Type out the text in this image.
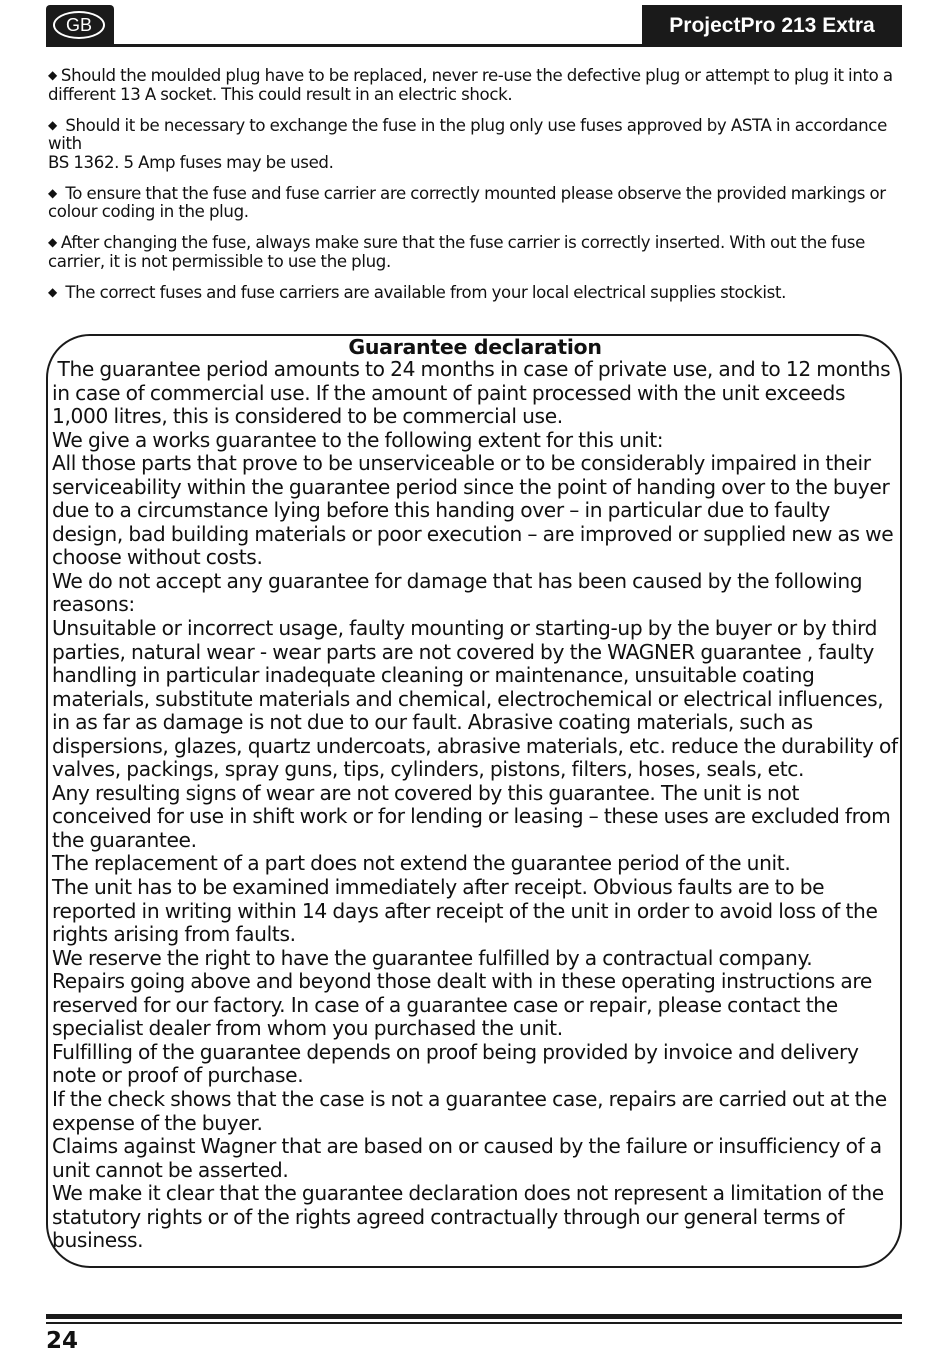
GB	ProjectPro 213 Extra

◆ Should the moulded plug have to be replaced, never re-use the defective plug or attempt to plug it into a different 13 A socket. This could result in an electric shock.

◆ Should it be necessary to exchange the fuse in the plug only use fuses approved by ASTA in accordance with
BS 1362. 5 Amp fuses may be used.

◆ To ensure that the fuse and fuse carrier are correctly mounted please observe the provided markings or colour coding in the plug.

◆ After changing the fuse, always make sure that the fuse carrier is correctly inserted. With out the fuse carrier, it is not permissible to use the plug.

◆ The correct fuses and fuse carriers are available from your local electrical supplies stockist.

Guarantee declaration

The guarantee period amounts to 24 months in case of private use, and to 12 months in case of commercial use. If the amount of paint processed with the unit exceeds 1,000 litres, this is considered to be commercial use.

We give a works guarantee to the following extent for this unit:

All those parts that prove to be unserviceable or to be considerably impaired in their serviceability within the guarantee period since the point of handing over to the buyer due to a circumstance lying before this handing over – in particular due to faulty design, bad building materials or poor execution – are improved or supplied new as we choose without costs.

We do not accept any guarantee for damage that has been caused by the following reasons:

Unsuitable or incorrect usage, faulty mounting or starting-up by the buyer or by third parties, natural wear - wear parts are not covered by the WAGNER guarantee , faulty handling in particular inadequate cleaning or maintenance, unsuitable coating materials, substitute materials and chemical, electrochemical or electrical influences, in as far as damage is not due to our fault. Abrasive coating materials, such as dispersions, glazes, quartz undercoats, abrasive materials, etc. reduce the durability of valves, packings, spray guns, tips, cylinders, pistons, filters, hoses, seals, etc.

Any resulting signs of wear are not covered by this guarantee. The unit is not conceived for use in shift work or for lending or leasing – these uses are excluded from the guarantee.

The replacement of a part does not extend the guarantee period of the unit.

The unit has to be examined immediately after receipt. Obvious faults are to be reported in writing within 14 days after receipt of the unit in order to avoid loss of the rights arising from faults.

We reserve the right to have the guarantee fulfilled by a contractual company.

Repairs going above and beyond those dealt with in these operating instructions are reserved for our factory. In case of a guarantee case or repair, please contact the specialist dealer from whom you purchased the unit.

Fulfilling of the guarantee depends on proof being provided by invoice and delivery note or proof of purchase.

If the check shows that the case is not a guarantee case, repairs are carried out at the expense of the buyer.

Claims against Wagner that are based on or caused by the failure or insufficiency of a unit cannot be asserted.

We make it clear that the guarantee declaration does not represent a limitation of the statutory rights or of the rights agreed contractually through our general terms of business.

24
